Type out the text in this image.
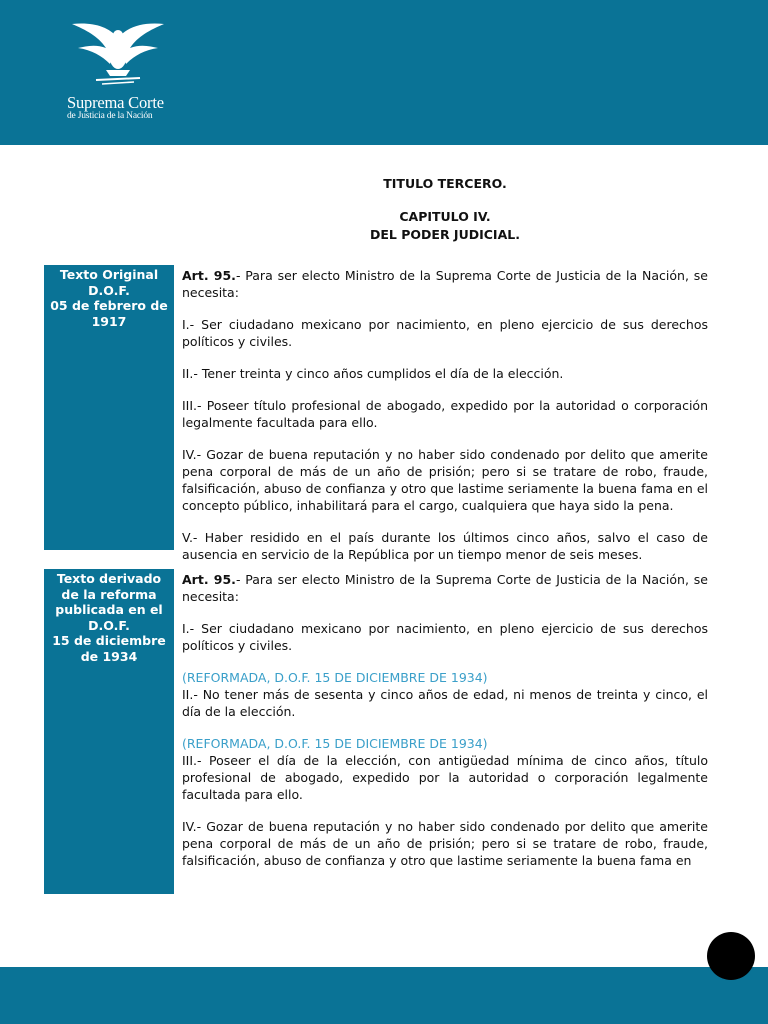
Suprema Corte
de Justicia de la Nación
TITULO TERCERO.
CAPITULO IV.
DEL PODER JUDICIAL.
Texto Original
D.O.F.
05 de febrero de
1917

Art. 95.- Para ser electo Ministro de la Suprema Corte de Justicia de la Nación, se necesita:

I.- Ser ciudadano mexicano por nacimiento, en pleno ejercicio de sus derechos políticos y civiles.

II.- Tener treinta y cinco años cumplidos el día de la elección.

III.- Poseer título profesional de abogado, expedido por la autoridad o corporación legalmente facultada para ello.

IV.- Gozar de buena reputación y no haber sido condenado por delito que amerite pena corporal de más de un año de prisión; pero si se tratare de robo, fraude, falsificación, abuso de confianza y otro que lastime seriamente la buena fama en el concepto público, inhabilitará para el cargo, cualquiera que haya sido la pena.

V.- Haber residido en el país durante los últimos cinco años, salvo el caso de ausencia en servicio de la República por un tiempo menor de seis meses.

Texto derivado
de la reforma
publicada en el
D.O.F.
15 de diciembre
de 1934

Art. 95.- Para ser electo Ministro de la Suprema Corte de Justicia de la Nación, se necesita:

I.- Ser ciudadano mexicano por nacimiento, en pleno ejercicio de sus derechos políticos y civiles.

(REFORMADA, D.O.F. 15 DE DICIEMBRE DE 1934)

II.- No tener más de sesenta y cinco años de edad, ni menos de treinta y cinco, el día de la elección.

(REFORMADA, D.O.F. 15 DE DICIEMBRE DE 1934)

III.- Poseer el día de la elección, con antigüedad mínima de cinco años, título profesional de abogado, expedido por la autoridad o corporación legalmente facultada para ello.

IV.- Gozar de buena reputación y no haber sido condenado por delito que amerite pena corporal de más de un año de prisión; pero si se tratare de robo, fraude, falsificación, abuso de confianza y otro que lastime seriamente la buena fama en
